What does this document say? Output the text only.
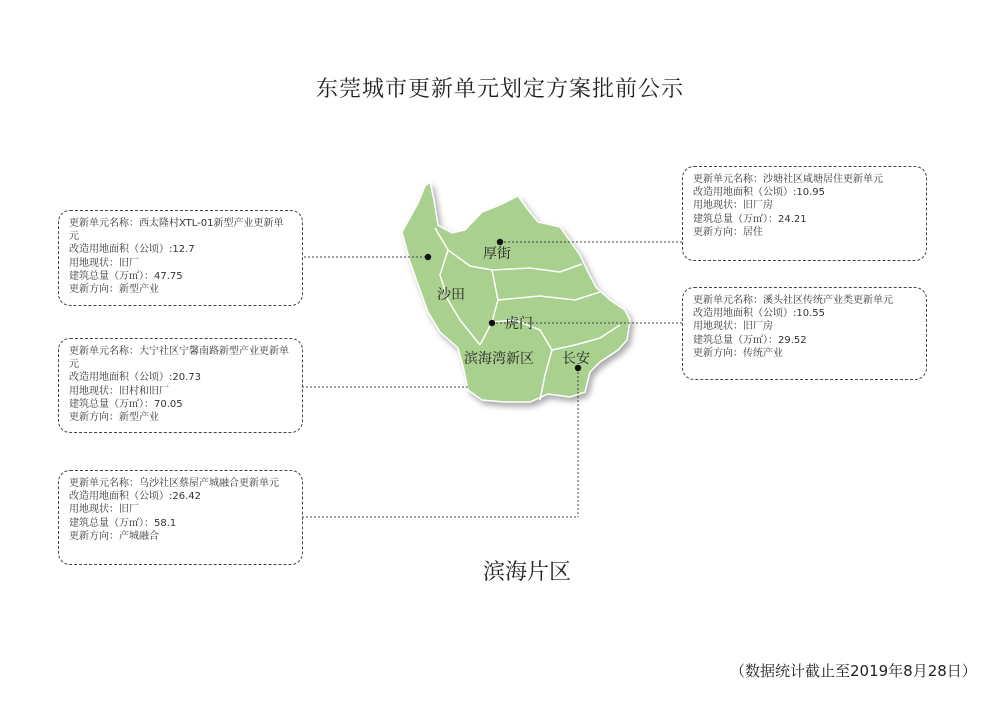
东莞城市更新单元划定方案批前公示
沙田
厚街
虎门
滨海湾新区 长安
更新单元名称：西太隆村XTL-01新型产业更新单元
改造用地面积（公顷）:12.7
用地现状：旧厂
建筑总量（万㎡）：47.75
更新方向：新型产业
更新单元名称：大宁社区宁馨南路新型产业更新单元
改造用地面积（公顷）:20.73
用地现状：旧村和旧厂
建筑总量（万㎡）：70.05
更新方向：新型产业
更新单元名称：乌沙社区蔡屋产城融合更新单元
改造用地面积（公顷）:26.42
用地现状：旧厂
建筑总量（万㎡）：58.1
更新方向：产城融合
更新单元名称：沙塘社区咸塘居住更新单元
改造用地面积（公顷）:10.95
用地现状：旧厂房
建筑总量（万㎡）：24.21
更新方向：居住
更新单元名称：溪头社区传统产业类更新单元
改造用地面积（公顷）:10.55
用地现状：旧厂房
建筑总量（万㎡）：29.52
更新方向：传统产业
滨海片区
（数据统计截止至2019年8月28日）
